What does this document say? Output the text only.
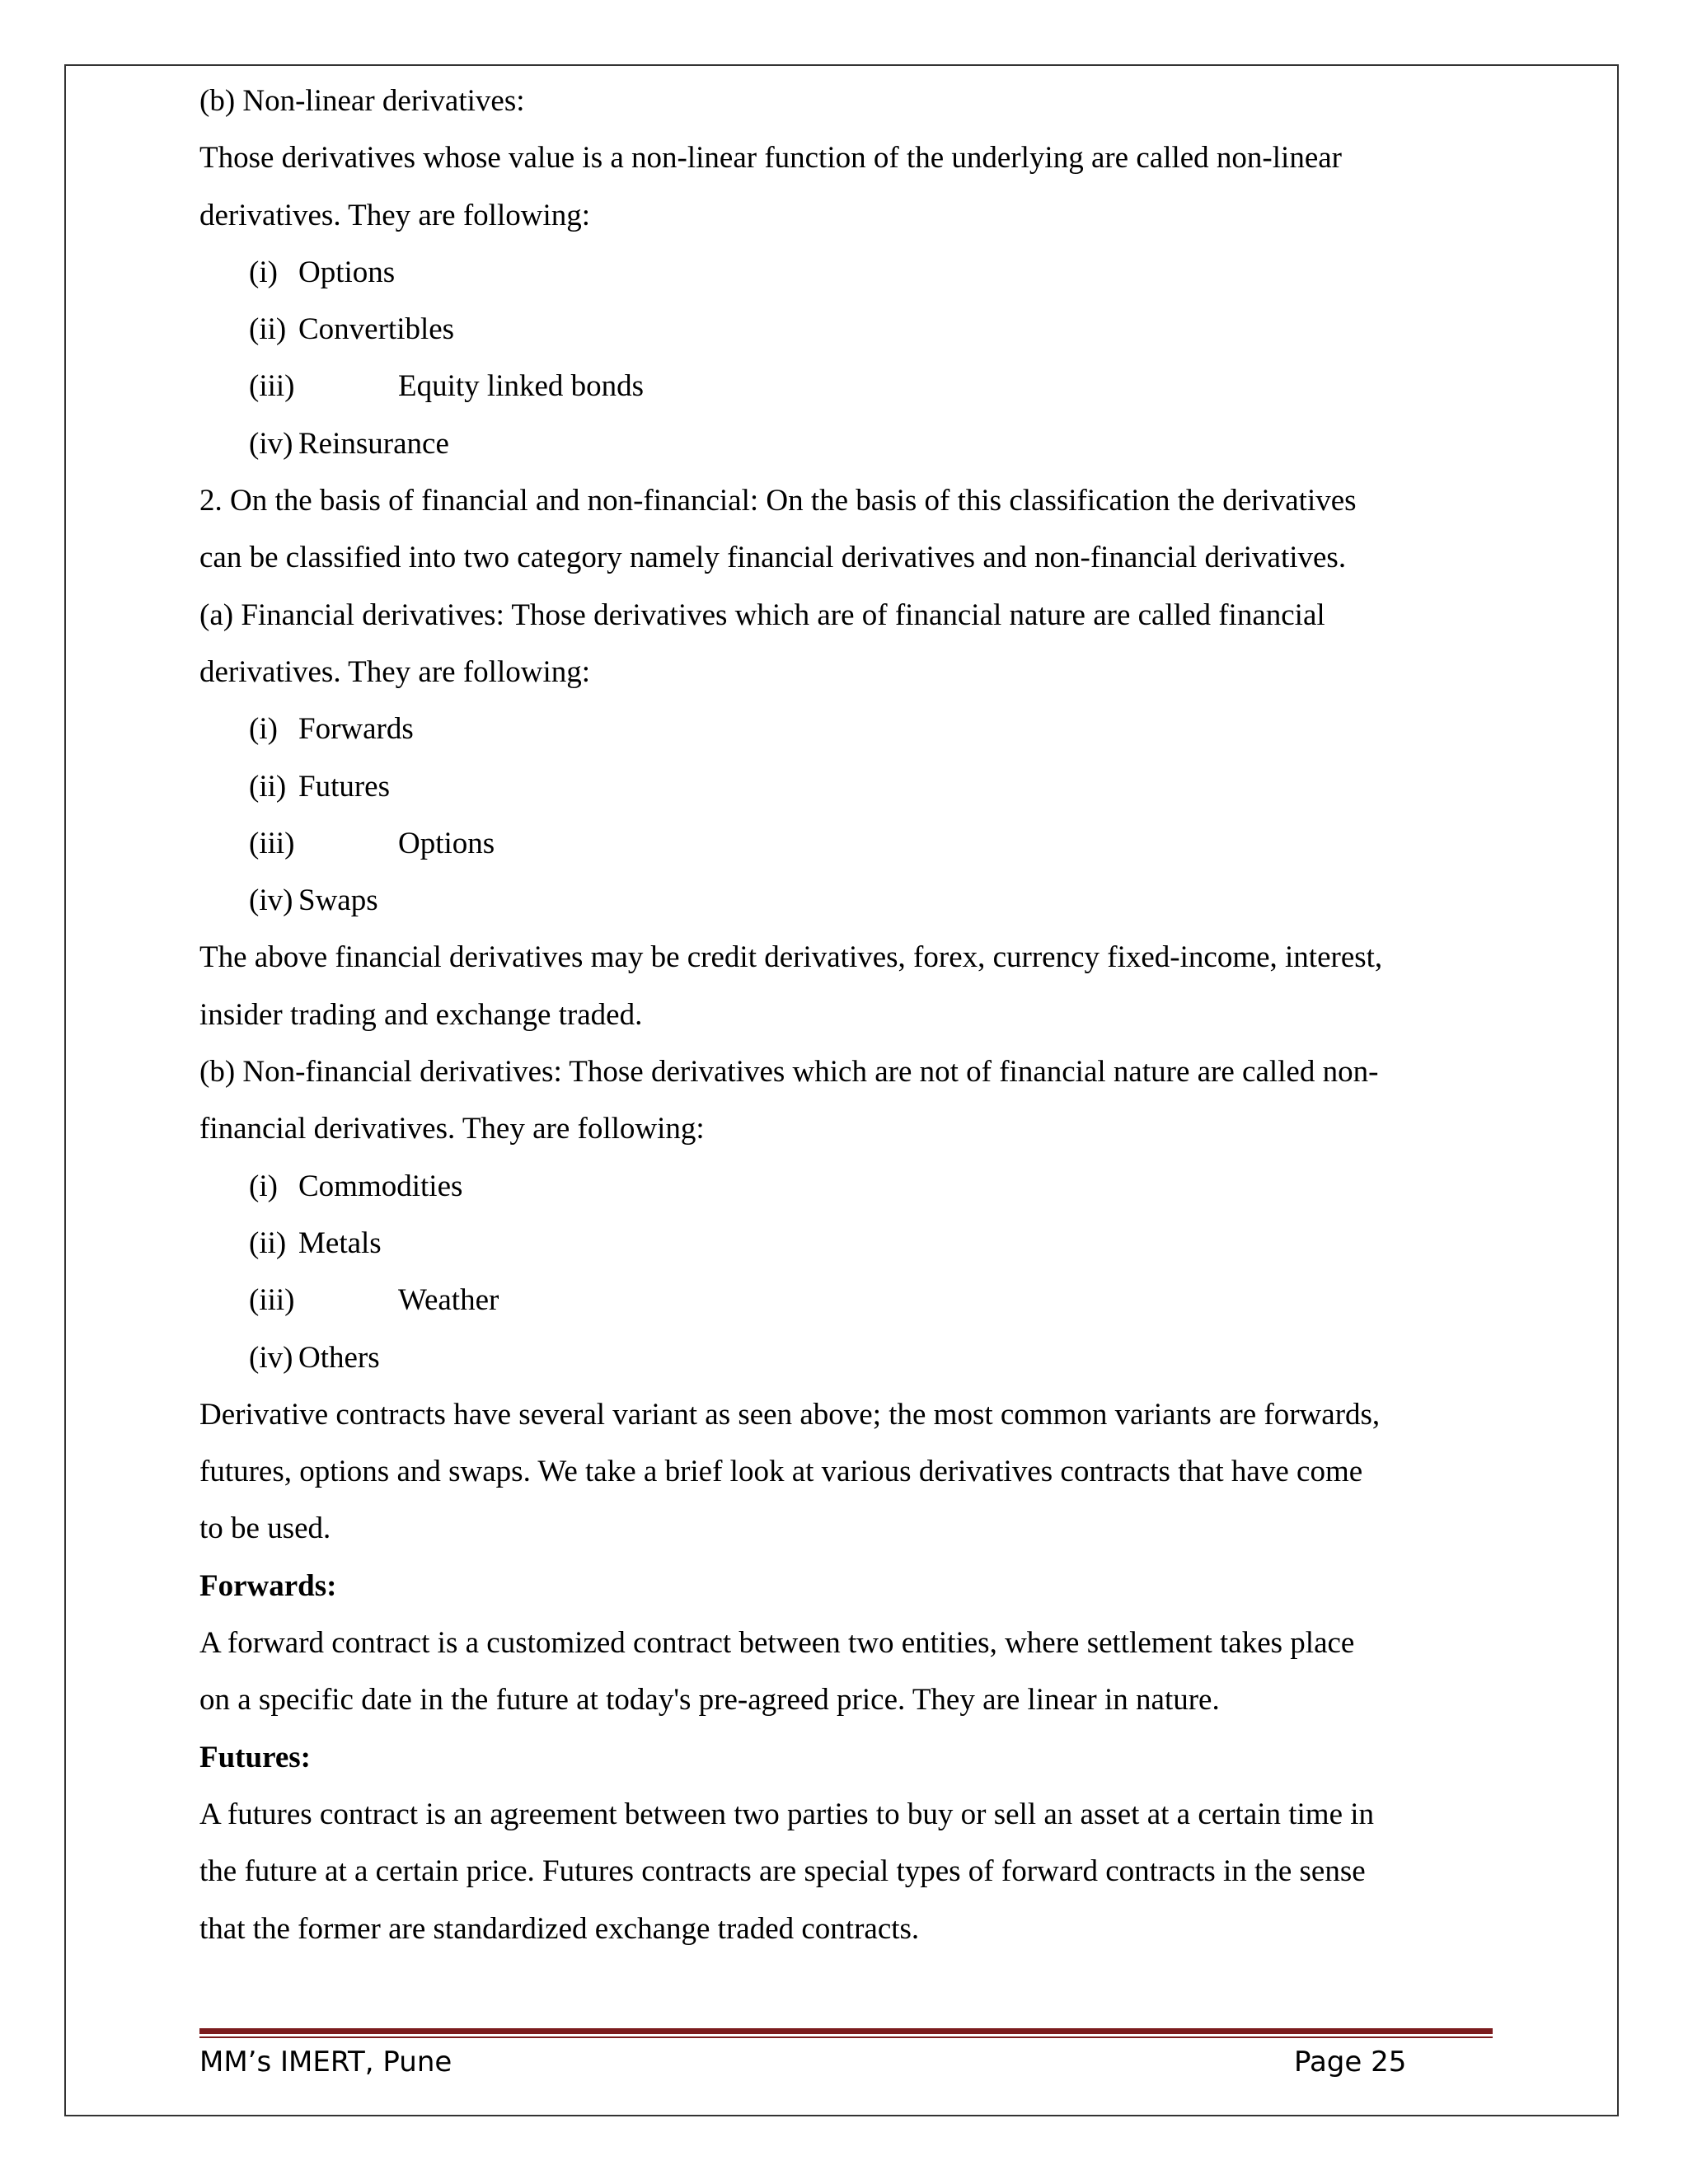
(b) Non-linear derivatives:
Those derivatives whose value is a non-linear function of the underlying are called non-linear
derivatives. They are following:
(i) Options
(ii) Convertibles
(iii)	Equity linked bonds
(iv) Reinsurance
2. On the basis of financial and non-financial: On the basis of this classification the derivatives
can be classified into two category namely financial derivatives and non-financial derivatives.
(a) Financial derivatives: Those derivatives which are of financial nature are called financial
derivatives. They are following:
(i) Forwards
(ii) Futures
(iii)	Options
(iv) Swaps
The above financial derivatives may be credit derivatives, forex, currency fixed-income, interest,
insider trading and exchange traded.
(b) Non-financial derivatives: Those derivatives which are not of financial nature are called non-
financial derivatives. They are following:
(i) Commodities
(ii) Metals
(iii)	Weather
(iv) Others
Derivative contracts have several variant as seen above; the most common variants are forwards,
futures, options and swaps. We take a brief look at various derivatives contracts that have come
to be used.
Forwards:
A forward contract is a customized contract between two entities, where settlement takes place
on a specific date in the future at today's pre-agreed price. They are linear in nature.
Futures:
A futures contract is an agreement between two parties to buy or sell an asset at a certain time in
the future at a certain price. Futures contracts are special types of forward contracts in the sense
that the former are standardized exchange traded contracts.
MM’s IMERT, Pune	Page 25
